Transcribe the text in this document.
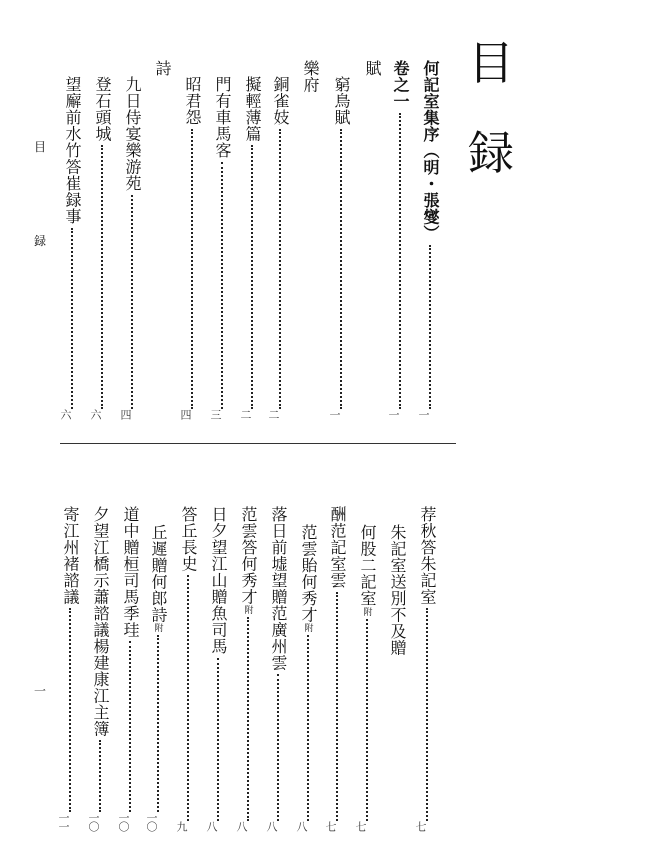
目
録
目
録
一
何記室集序（明・張燮）
一
卷之一
一
賦
窮鳥賦
一
樂府
銅雀妓
二
擬輕薄篇
二
門有車馬客
三
昭君怨
四
詩
九日侍宴樂游苑
四
登石頭城
六
望廨前水竹答崔録事
六
荐秋答朱記室
七
朱記室送別不及贈
何股二記室
附
七
酬范記室雲
七
范雲貽何秀才
附
八
落日前墟望贈范廣州雲
八
范雲答何秀才
附
八
日夕望江山贈魚司馬
八
答丘長史
九
丘遲贈何郎詩
附
一〇
道中贈桓司馬季珪
一〇
夕望江橋示蕭諮議楊建康江主簿
一〇
寄江州褚諮議
一一
